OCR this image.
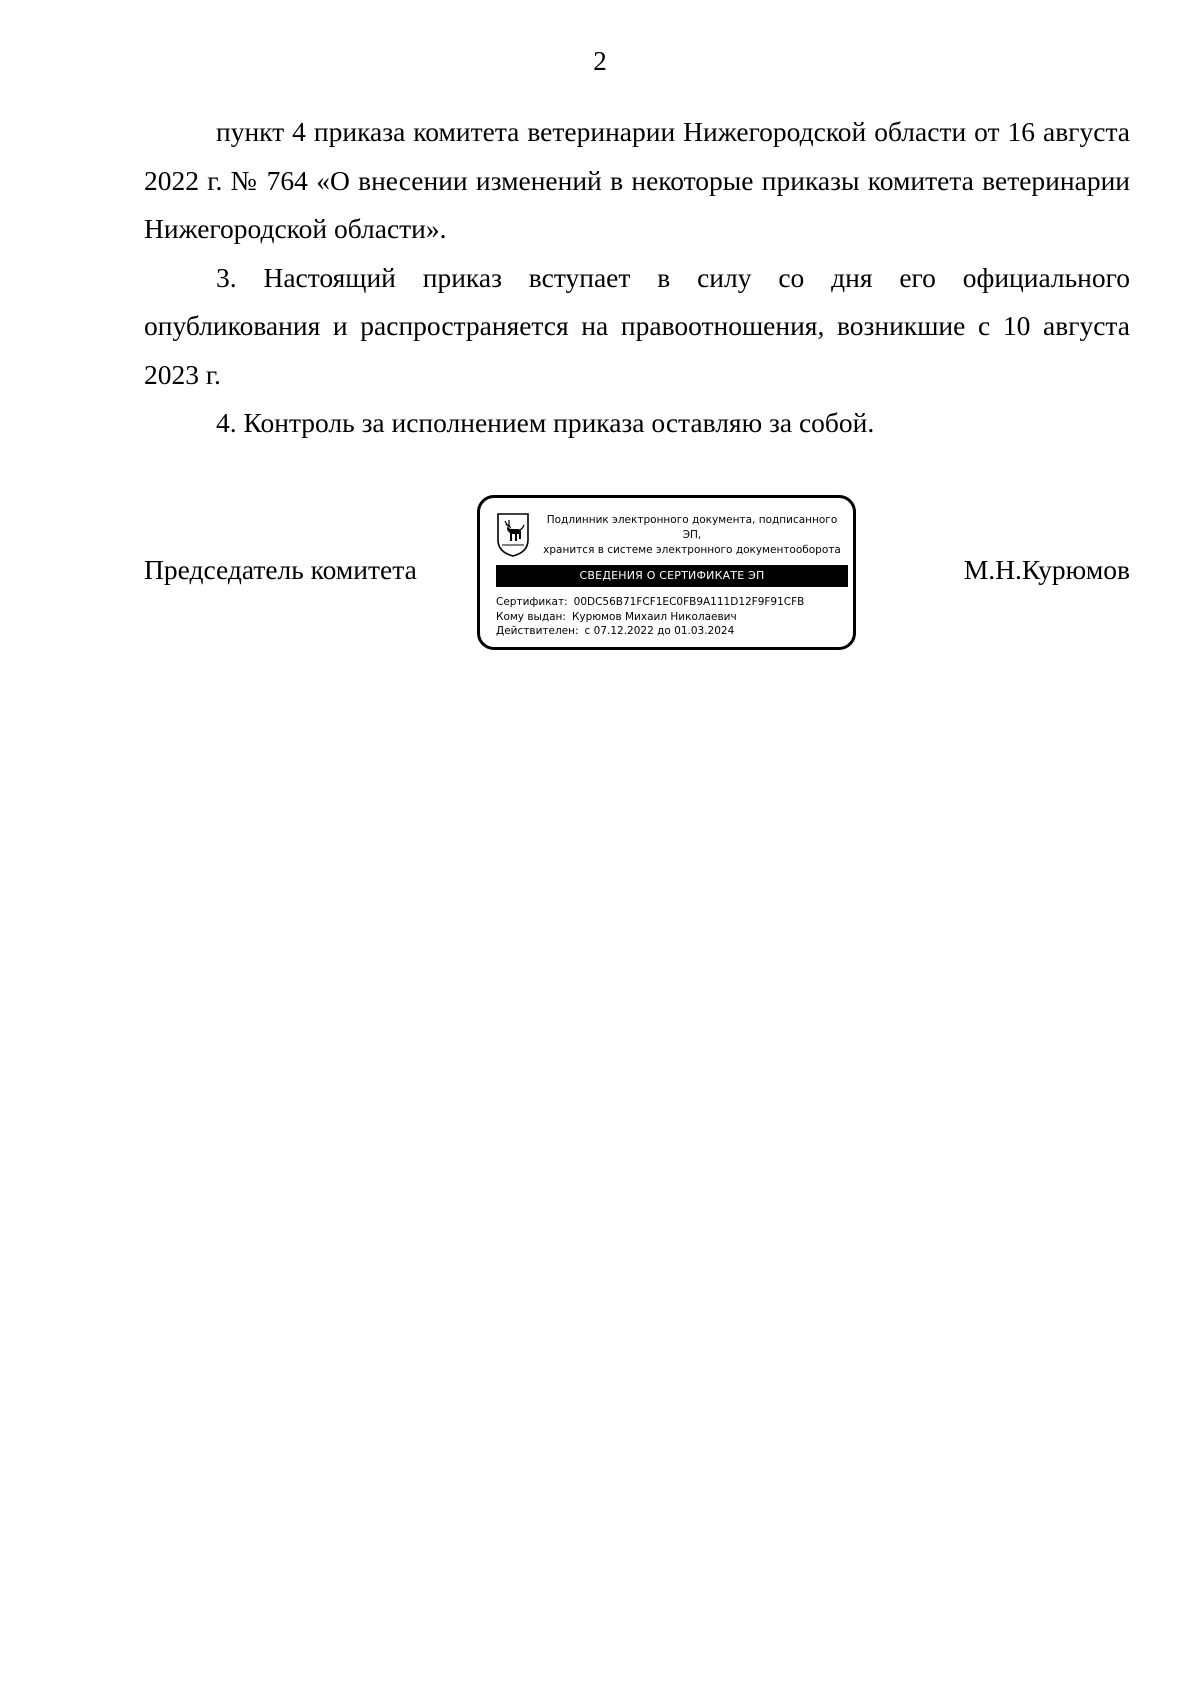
2

пункт 4 приказа комитета ветеринарии Нижегородской области от 16 августа 2022 г. № 764 «О внесении изменений в некоторые приказы комитета ветеринарии Нижегородской области».

3. Настоящий приказ вступает в силу со дня его официального опубликования и распространяется на правоотношения, возникшие с 10 августа 2023 г.

4. Контроль за исполнением приказа оставляю за собой.

Председатель комитета	М.Н.Курюмов
Подлинник электронного документа, подписанного ЭП,
хранится в системе электронного документооборота
СВЕДЕНИЯ О СЕРТИФИКАТЕ ЭП
Сертификат: 00DC56B71FCF1EC0FB9A111D12F9F91CFB
Кому выдан: Курюмов Михаил Николаевич
Действителен: с 07.12.2022 до 01.03.2024
